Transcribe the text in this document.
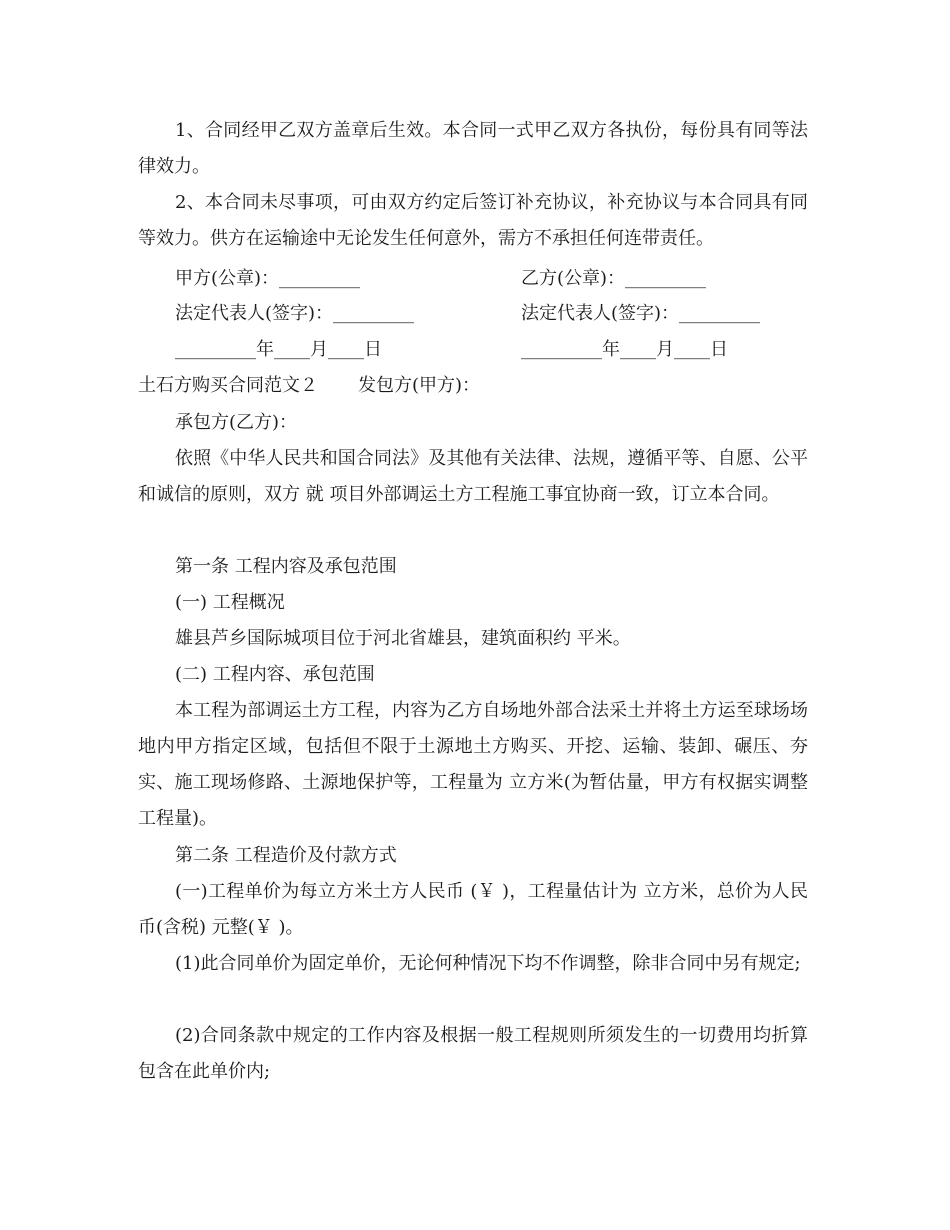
1、合同经甲乙双方盖章后生效。本合同一式甲乙双方各执份，每份具有同等法律效力。

2、本合同未尽事项，可由双方约定后签订补充协议，补充协议与本合同具有同等效力。供方在运输途中无论发生任何意外，需方不承担任何连带责任。

甲方(公章)：_________	乙方(公章)：_________
法定代表人(签字)：_________	法定代表人(签字)：_________
_________年____月____日	_________年____月____日
土石方购买合同范文２ 发包方(甲方)：

承包方(乙方)：

依照《中华人民共和国合同法》及其他有关法律、法规，遵循平等、自愿、公平和诚信的原则，双方 就 项目外部调运土方工程施工事宜协商一致，订立本合同。

第一条 工程内容及承包范围

(一) 工程概况

雄县芦乡国际城项目位于河北省雄县，建筑面积约 平米。

(二) 工程内容、承包范围

本工程为部调运土方工程，内容为乙方自场地外部合法采土并将土方运至球场场地内甲方指定区域，包括但不限于土源地土方购买、开挖、运输、装卸、碾压、夯实、施工现场修路、土源地保护等，工程量为 立方米(为暂估量，甲方有权据实调整工程量)。

第二条 工程造价及付款方式

(一)工程单价为每立方米土方人民币 (￥ )，工程量估计为 立方米，总价为人民币(含税) 元整(￥ )。

(1)此合同单价为固定单价，无论何种情况下均不作调整，除非合同中另有规定;

(2)合同条款中规定的工作内容及根据一般工程规则所须发生的一切费用均折算包含在此单价内;
